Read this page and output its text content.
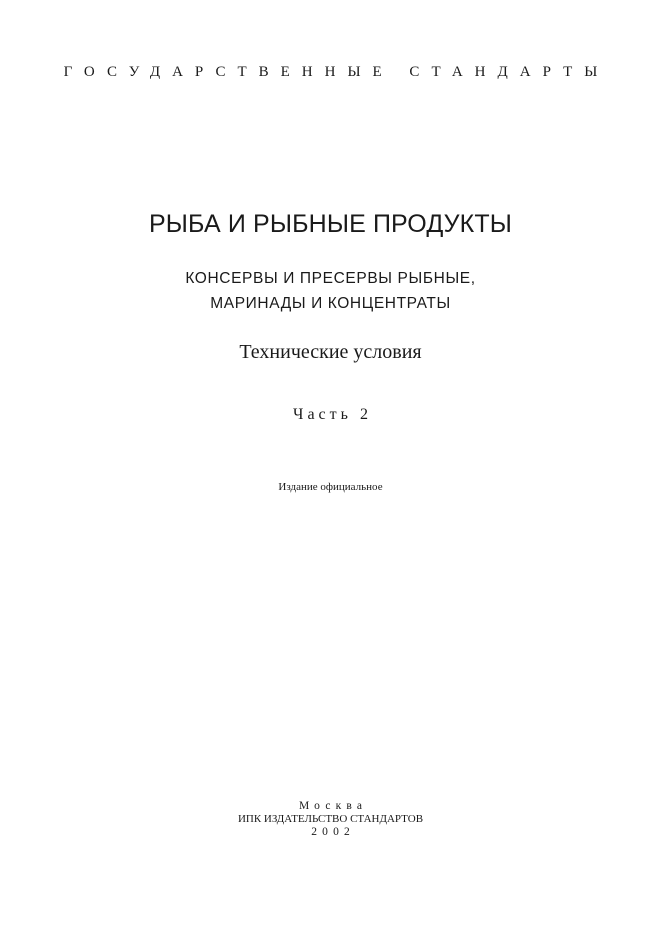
ГОСУДАРСТВЕННЫЕ СТАНДАРТЫ
РЫБА И РЫБНЫЕ ПРОДУКТЫ
КОНСЕРВЫ И ПРЕСЕРВЫ РЫБНЫЕ,
МАРИНАДЫ И КОНЦЕНТРАТЫ
Технические условия
Часть 2
Издание официальное
Москва
ИПК ИЗДАТЕЛЬСТВО СТАНДАРТОВ
2002
